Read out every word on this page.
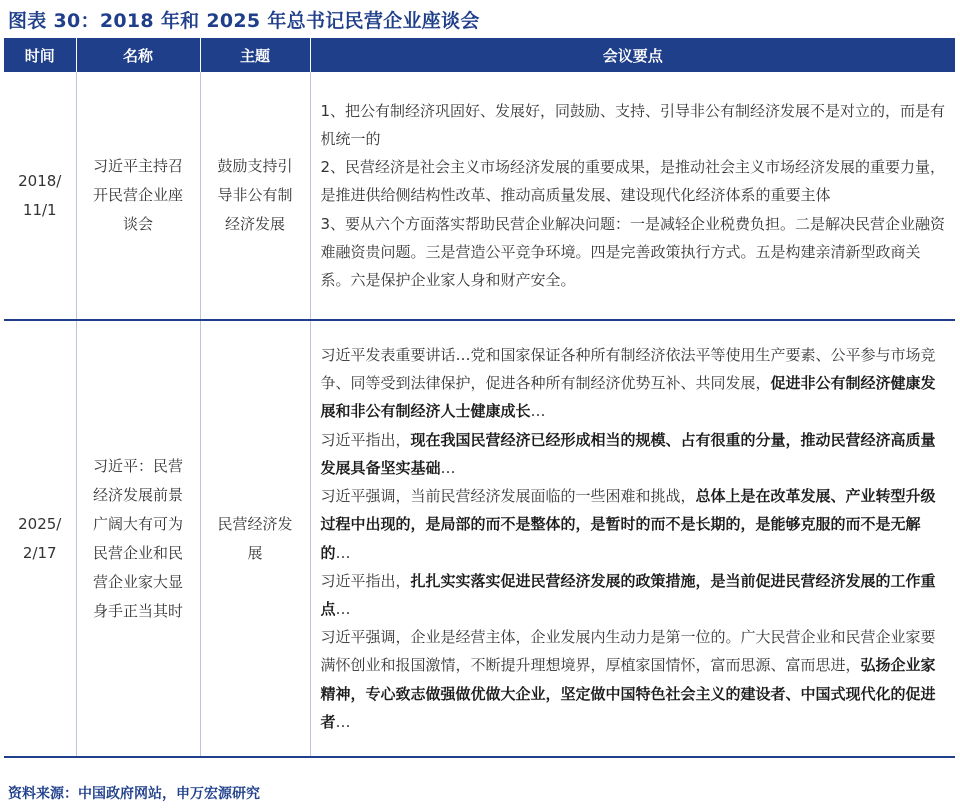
图表 30：2018 年和 2025 年总书记民营企业座谈会
时间	名称	主题	会议要点

2018/ 11/1	习近平主持召开民营企业座谈会	鼓励支持引导非公有制经济发展	1、把公有制经济巩固好、发展好，同鼓励、支持、引导非公有制经济发展不是对立的，而是有机统一的
2、民营经济是社会主义市场经济发展的重要成果，是推动社会主义市场经济发展的重要力量，是推进供给侧结构性改革、推动高质量发展、建设现代化经济体系的重要主体
3、要从六个方面落实帮助民营企业解决问题：一是减轻企业税费负担。二是解决民营企业融资难融资贵问题。三是营造公平竞争环境。四是完善政策执行方式。五是构建亲清新型政商关系。六是保护企业家人身和财产安全。

2025/ 2/17	习近平：民营经济发展前景广阔大有可为 民营企业和民营企业家大显身手正当其时	民营经济发展	习近平发表重要讲话…党和国家保证各种所有制经济依法平等使用生产要素、公平参与市场竞争、同等受到法律保护，促进各种所有制经济优势互补、共同发展，促进非公有制经济健康发展和非公有制经济人士健康成长…
习近平指出，现在我国民营经济已经形成相当的规模、占有很重的分量，推动民营经济高质量发展具备坚实基础…
习近平强调，当前民营经济发展面临的一些困难和挑战，总体上是在改革发展、产业转型升级过程中出现的，是局部的而不是整体的，是暂时的而不是长期的，是能够克服的而不是无解的…
习近平指出，扎扎实实落实促进民营经济发展的政策措施，是当前促进民营经济发展的工作重点…
习近平强调，企业是经营主体，企业发展内生动力是第一位的。广大民营企业和民营企业家要满怀创业和报国激情，不断提升理想境界，厚植家国情怀，富而思源、富而思进，弘扬企业家精神，专心致志做强做优做大企业，坚定做中国特色社会主义的建设者、中国式现代化的促进者…
资料来源：中国政府网站，申万宏源研究
